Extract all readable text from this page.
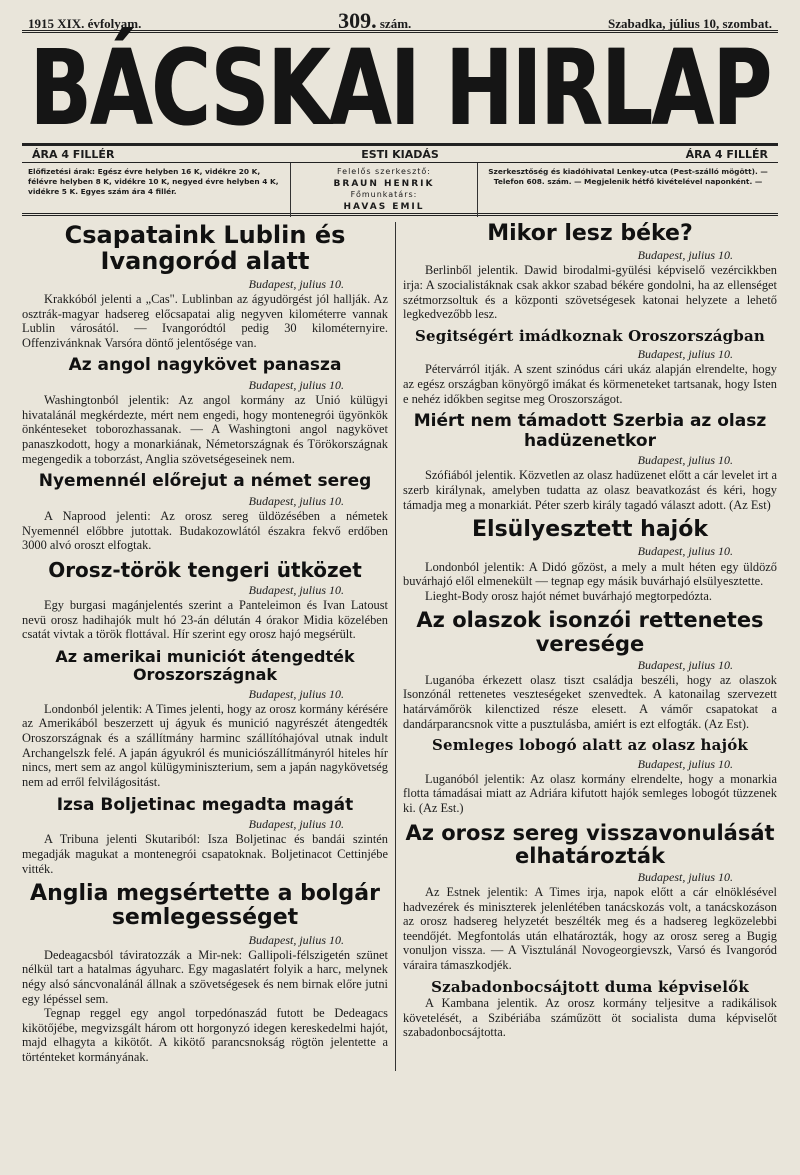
1915 XIX. évfolyam.	309. szám.	Szabadka, július 10, szombat.
BÁCSKAI HIRLAP
ÁRA 4 FILLÉR	ESTI KIADÁS	ÁRA 4 FILLÉR
Előfizetési árak: Egész évre helyben 16 K, vidékre 20 K, félévre helyben 8 K, vidékre 10 K, negyed évre helyben 4 K, vidékre 5 K. Egyes szám ára 4 fillér.
Felelős szerkesztő:
BRAUN HENRIK
Főmunkatárs:
HAVAS EMIL
Szerkesztőség és kiadóhivatal Lenkey-utca (Pest-szálló mögött). — Telefon 608. szám. — Megjelenik hétfő kivételével naponként. —
Csapataink Lublin és Ivangoród alatt
Budapest, julius 10.

Krakkóból jelenti a „Cas". Lublinban az ágyudörgést jól hallják. Az osztrák-magyar hadsereg előcsapatai alig negyven kilométerre vannak Lublin városától. — Ivangoródtól pedig 30 kilométernyire. Offenzivánknak Varsóra döntő jelentősége van.

Az angol nagykövet panasza
Budapest, julius 10.

Washingtonból jelentik: Az angol kormány az Unió külügyi hivatalánál megkérdezte, mért nem engedi, hogy montenegrói ügyönkök önkénteseket toborozhassanak. — A Washingtoni angol nagykövet panaszkodott, hogy a monarkiának, Németországnak és Törökországnak megengedik a toborzást, Anglia szövetségeseinek nem.

Nyemennél előrejut a német sereg
Budapest, julius 10.

A Naprood jelenti: Az orosz sereg üldözésében a németek Nyemennél előbbre jutottak. Budakozowlától északra fekvő erdőben 3000 alvó oroszt elfogtak.

Orosz-török tengeri ütközet
Budapest, julius 10.

Egy burgasi magánjelentés szerint a Panteleimon és Ivan Latoust nevü orosz hadihajók mult hó 23-án délután 4 órakor Midia közelében csatát vivtak a török flottával. Hír szerint egy orosz hajó megsérült.

Az amerikai municiót átengedték Oroszországnak
Budapest, julius 10.

Londonból jelentik: A Times jelenti, hogy az orosz kormány kérésére az Amerikából beszerzett uj ágyuk és munició nagyrészét átengedték Oroszországnak és a szállítmány harminc szállítóhajóval utnak indult Archangelszk felé. A japán ágyukról és municiószállítmányról hiteles hír nincs, mert sem az angol külügyminiszterium, sem a japán nagykövetség nem ad erről felvilágositást.

Izsa Boljetinac megadta magát
Budapest, julius 10.

A Tribuna jelenti Skutariból: Isza Boljetinac és bandái szintén megadják magukat a montenegrói csapatoknak. Boljetinacot Cettinjébe vitték.

Anglia megsértette a bolgár semlegességet
Budapest, julius 10.

Dedeagacsból táviratozzák a Mir-nek: Gallipoli-félszigetén szünet nélkül tart a hatalmas ágyuharc. Egy magaslatért folyik a harc, melynek négy alsó sáncvonalánál állnak a szövetségesek és nem birnak előre jutni egy lépéssel sem.

Tegnap reggel egy angol torpedónaszád futott be Dedeagacs kikötőjébe, megvizsgált három ott horgonyzó idegen kereskedelmi hajót, majd elhagyta a kikötőt. A kikötő parancsnokság rögtön jelentette a történteket kormányának.

Mikor lesz béke?
Budapest, julius 10.

Berlinből jelentik. Dawid birodalmi-gyülési képviselő vezércikkben irja: A szocialistáknak csak akkor szabad békére gondolni, ha az ellenséget szétmorzsoltuk és a központi szövetségesek katonai helyzete a lehető legkedvezőbb lesz.

Segitségért imádkoznak Oroszországban
Budapest, julius 10.

Pétervárról itják. A szent szinódus cári ukáz alapján elrendelte, hogy az egész országban könyörgő imákat és körmeneteket tartsanak, hogy Isten e nehéz időkben segitse meg Oroszországot.

Miért nem támadott Szerbia az olasz hadüzenetkor
Budapest, julius 10.

Szófiából jelentik. Közvetlen az olasz hadüzenet előtt a cár levelet irt a szerb királynak, amelyben tudatta az olasz beavatkozást és kéri, hogy támadja meg a monarkiát. Péter szerb király tagadó választ adott. (Az Est)

Elsülyesztett hajók
Budapest, julius 10.

Londonból jelentik: A Didó gőzöst, a mely a mult héten egy üldöző buvárhajó elől elmenekült — tegnap egy másik buvárhajó elsülyesztette.

Lieght-Body orosz hajót német buvárhajó megtorpedózta.

Az olaszok isonzói rettenetes veresége
Budapest, julius 10.

Luganóba érkezett olasz tiszt családja beszéli, hogy az olaszok Isonzónál rettenetes veszteségeket szenvedtek. A katonailag szervezett határvámőrök kilenctized része elesett. A vámőr csapatokat a dandárparancsnok vitte a pusztulásba, amiért is ezt elfogták. (Az Est).

Semleges lobogó alatt az olasz hajók
Budapest, julius 10.

Luganóból jelentik: Az olasz kormány elrendelte, hogy a monarkia flotta támadásai miatt az Adriára kifutott hajók semleges lobogót tüzzenek ki. (Az Est.)

Az orosz sereg visszavonulását elhatározták
Budapest, julius 10.

Az Estnek jelentik: A Times irja, napok előtt a cár elnöklésével hadvezérek és miniszterek jelenlétében tanácskozás volt, a tanácskozáson az orosz hadsereg helyzetét beszélték meg és a hadsereg legközelebbi teendőjét. Megfontolás után elhatározták, hogy az orosz sereg a Bugig vonuljon vissza. — A Visztulánál Novogeorgievszk, Varsó és Ivangoród váraira támaszkodjék.

Szabadonbocsájtott duma képviselők

A Kambana jelentik. Az orosz kormány teljesitve a radikálisok követelését, a Szibériába száműzött öt socialista duma képviselőt szabadonbocsájtotta.
